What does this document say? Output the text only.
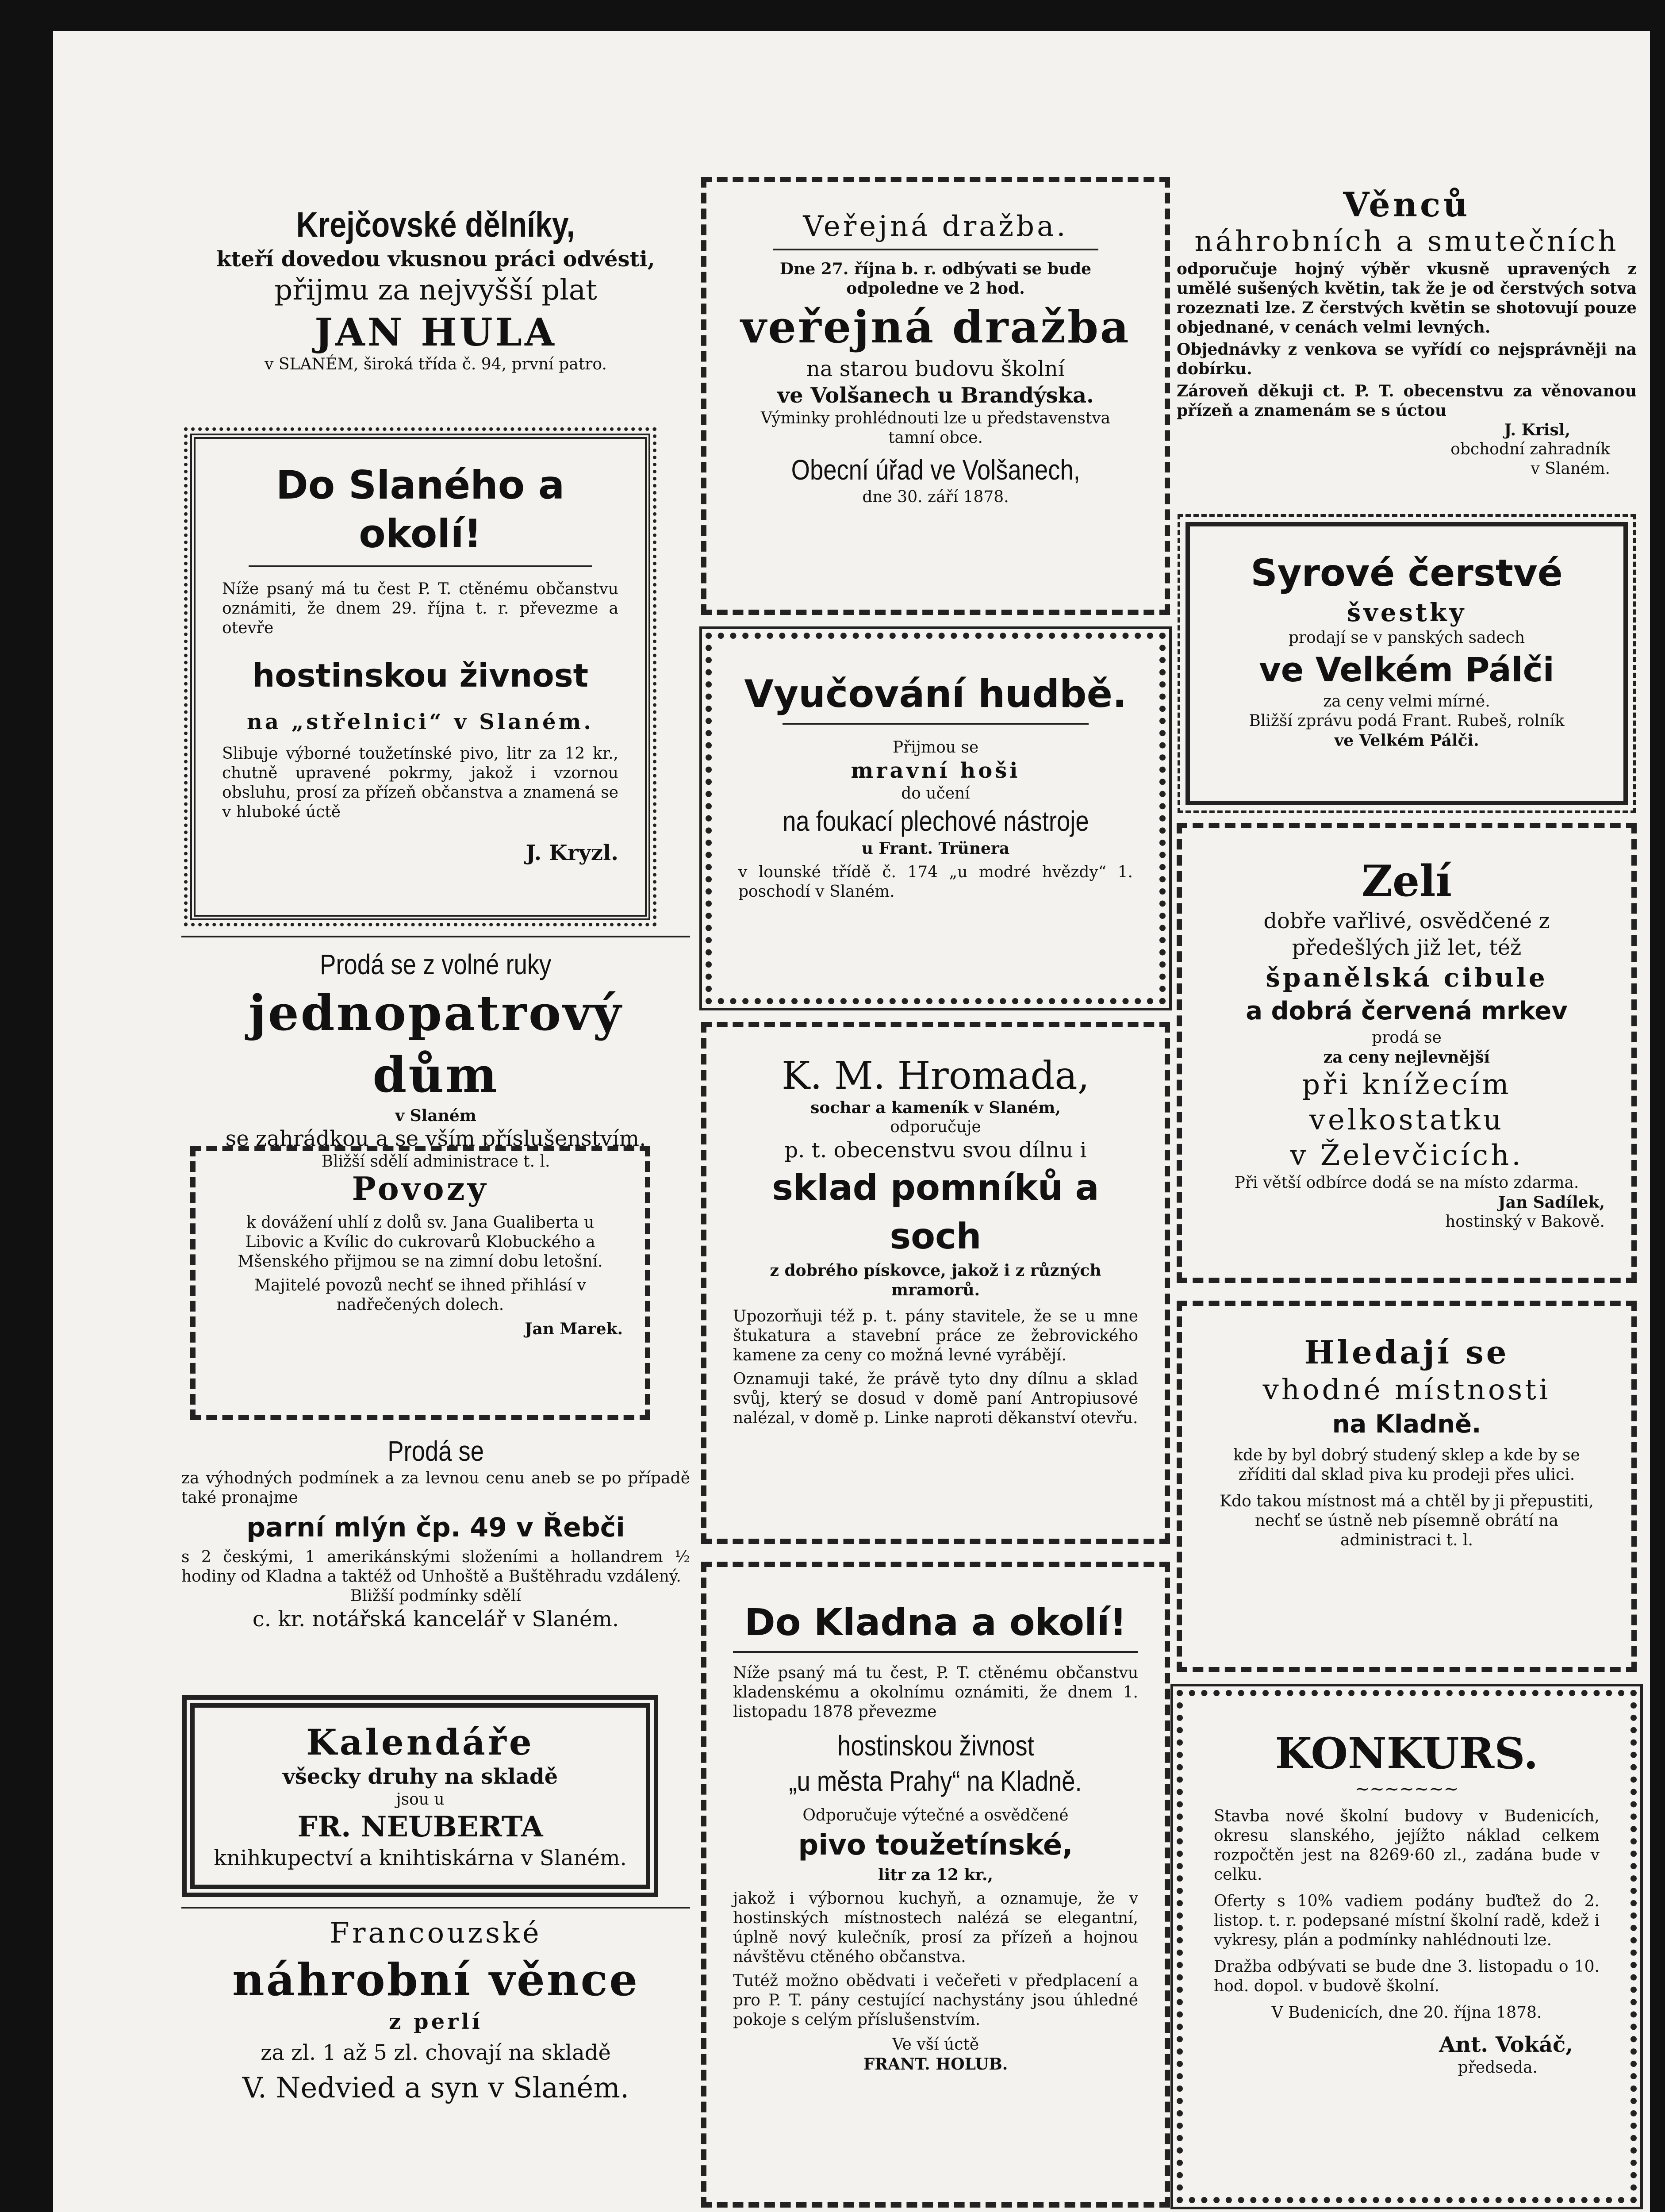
Krejčovské dělníky,

kteří dovedou vkusnou práci odvésti,

přijmu za nejvyšší plat

JAN HULA

v SLANÉM, široká třída č. 94, první patro.

Do Slaného a okolí!

Níže psaný má tu čest P. T. ctěnému občanstvu oznámiti, že dnem 29. října t. r. převezme a otevře

hostinskou živnost

na „střelnici“ v Slaném.

Slibuje výborné toužetínské pivo, litr za 12 kr., chutně upravené pokrmy, jakož i vzornou obsluhu, prosí za přízeň občanstva a znamená se v hluboké úctě

J. Kryzl.

Prodá se z volné ruky

jednopatrový dům

v Slaném

se zahrádkou a se vším příslušenstvím.

Bližší sdělí administrace t. l.

Povozy

k dovážení uhlí z dolů sv. Jana Gualiberta u Libovic a Kvílic do cukrovarů Klobuckého a Mšenského přijmou se na zimní dobu letošní.

Majitelé povozů nechť se ihned přihlásí v nadřečených dolech.

Jan Marek.

Prodá se

za výhodných podmínek a za levnou cenu aneb se po případě také pronajme

parní mlýn čp. 49 v Řebči

s 2 českými, 1 amerikánskými složeními a hollandrem ½ hodiny od Kladna a taktéž od Unhoště a Buštěhradu vzdálený.

Bližší podmínky sdělí

c. kr. notářská kancelář v Slaném.

Kalendáře

všecky druhy na skladě

jsou u

FR. NEUBERTA

knihkupectví a knihtiskárna v Slaném.

Francouzské

náhrobní věnce

z perlí

za zl. 1 až 5 zl. chovají na skladě

V. Nedvied a syn v Slaném.

Veřejná dražba.

Dne 27. října b. r. odbývati se bude odpoledne ve 2 hod.

veřejná dražba

na starou budovu školní

ve Volšanech u Brandýska.

Výminky prohlédnouti lze u představenstva tamní obce.

Obecní úřad ve Volšanech,

dne 30. září 1878.

Vyučování hudbě.

Přijmou se

mravní hoši

do učení

na foukací plechové nástroje

u Frant. Trünera

v lounské třídě č. 174 „u modré hvězdy“ 1. poschodí v Slaném.

K. M. Hromada,

sochar a kameník v Slaném,

odporučuje

p. t. obecenstvu svou dílnu i

sklad pomníků a soch

z dobrého pískovce, jakož i z různých mramorů.

Upozorňuji též p. t. pány stavitele, že se u mne štukatura a stavební práce ze žebrovického kamene za ceny co možná levné vyrábějí.

Oznamuji také, že právě tyto dny dílnu a sklad svůj, který se dosud v domě paní Antropiusové nalézal, v domě p. Linke naproti děkanství otevřu.

Do Kladna a okolí!

Níže psaný má tu čest, P. T. ctěnému občanstvu kladenskému a okolnímu oznámiti, že dnem 1. listopadu 1878 převezme

hostinskou živnost

„u města Prahy“ na Kladně.

Odporučuje výtečné a osvědčené

pivo toužetínské,

litr za 12 kr.,

jakož i výbornou kuchyň, a oznamuje, že v hostinských místnostech nalézá se elegantní, úplně nový kulečník, prosí za přízeň a hojnou návštěvu ctěného občanstva.

Tutéž možno obědvati i večeřeti v předplacení a pro P. T. pány cestující nachystány jsou úhledné pokoje s celým příslušenstvím.

Ve vší úctě

FRANT. HOLUB.

Věnců

náhrobních a smutečních

odporučuje hojný výběr vkusně upravených z umělé sušených květin, tak že je od čerstvých sotva rozeznati lze. Z čerstvých květin se shotovují pouze objednané, v cenách velmi levných.

Objednávky z venkova se vyřídí co nejsprávněji na dobírku.

Zároveň děkuji ct. P. T. obecenstvu za věnovanou přízeň a znamenám se s úctou

J. Krisl,

obchodní zahradník

v Slaném.

Syrové čerstvé

švestky

prodají se v panských sadech

ve Velkém Pálči

za ceny velmi mírné.

Bližší zprávu podá Frant. Rubeš, rolník

ve Velkém Pálči.

Zelí

dobře vařlivé, osvědčené z předešlých již let, též

španělská cibule

a dobrá červená mrkev

prodá se

za ceny nejlevnější

při knížecím velkostatku

v Želevčicích.

Při větší odbírce dodá se na místo zdarma.

Jan Sadílek,

hostinský v Bakově.

Hledají se

vhodné místnosti

na Kladně.

kde by byl dobrý studený sklep a kde by se zříditi dal sklad piva ku prodeji přes ulici.

Kdo takou místnost má a chtěl by ji přepustiti, nechť se ústně neb písemně obrátí na administraci t. l.

KONKURS.

~~~~~~~

Stavba nové školní budovy v Budenicích, okresu slanského, jejížto náklad celkem rozpočtěn jest na 8269·60 zl., zadána bude v celku.

Oferty s 10% vadiem podány buďtež do 2. listop. t. r. podepsané místní školní radě, kdež i vykresy, plán a podmínky nahlédnouti lze.

Dražba odbývati se bude dne 3. listopadu o 10. hod. dopol. v budově školní.

V Budenicích, dne 20. října 1878.

Ant. Vokáč,

předseda.
